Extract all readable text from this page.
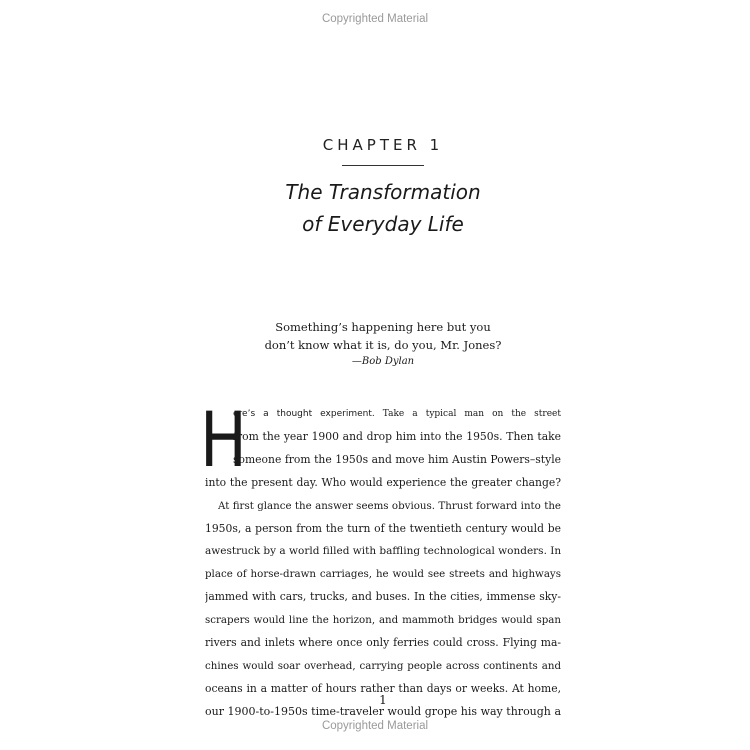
Copyrighted Material
CHAPTER 1
The Transformation
of Everyday Life
Something’s happening here but you
don’t know what it is, do you, Mr. Jones?
—Bob Dylan
H
ere’s a thought experiment. Take a typical man on the street
from the year 1900 and drop him into the 1950s. Then take
someone from the 1950s and move him Austin Powers–style
into the present day. Who would experience the greater change?
At first glance the answer seems obvious. Thrust forward into the
1950s, a person from the turn of the twentieth century would be
awestruck by a world filled with baffling technological wonders. In
place of horse-drawn carriages, he would see streets and highways
jammed with cars, trucks, and buses. In the cities, immense sky-
scrapers would line the horizon, and mammoth bridges would span
rivers and inlets where once only ferries could cross. Flying ma-
chines would soar overhead, carrying people across continents and
oceans in a matter of hours rather than days or weeks. At home,
our 1900-to-1950s time-traveler would grope his way through a
1
Copyrighted Material
